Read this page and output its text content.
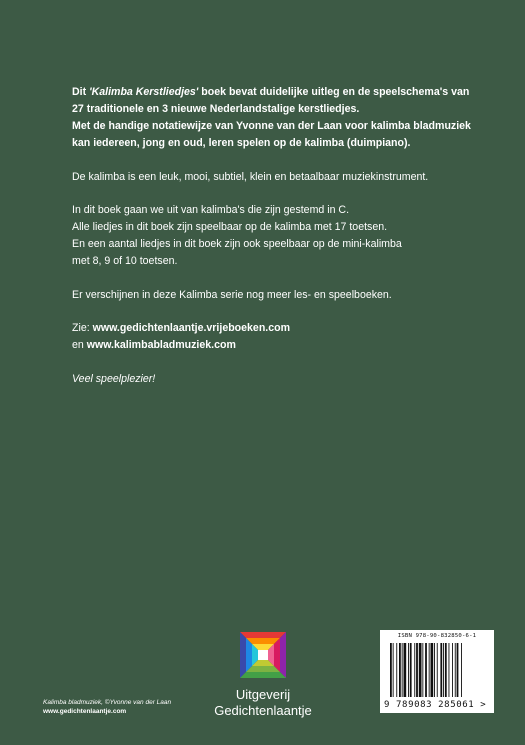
Dit 'Kalimba Kerstliedjes' boek bevat duidelijke uitleg en de speelschema's van
27 traditionele en 3 nieuwe Nederlandstalige kerstliedjes.
Met de handige notatiewijze van Yvonne van der Laan voor kalimba bladmuziek
kan iedereen, jong en oud, leren spelen op de kalimba (duimpiano).
De kalimba is een leuk, mooi, subtiel, klein en betaalbaar muziekinstrument.
In dit boek gaan we uit van kalimba's die zijn gestemd in C.
Alle liedjes in dit boek zijn speelbaar op de kalimba met 17 toetsen.
En een aantal liedjes in dit boek zijn ook speelbaar op de mini-kalimba
met 8, 9 of 10 toetsen.
Er verschijnen in deze Kalimba serie nog meer les- en speelboeken.
Zie: www.gedichtenlaantje.vrijeboeken.com
en www.kalimbabladmuziek.com
Veel speelplezier!
Kalimba bladmuziek, ©Yvonne van der Laan
www.gedichtenlaantje.com
Uitgeverij
Gedichtenlaantje
ISBN 978-90-832850-6-1
9 789083 285061 >
